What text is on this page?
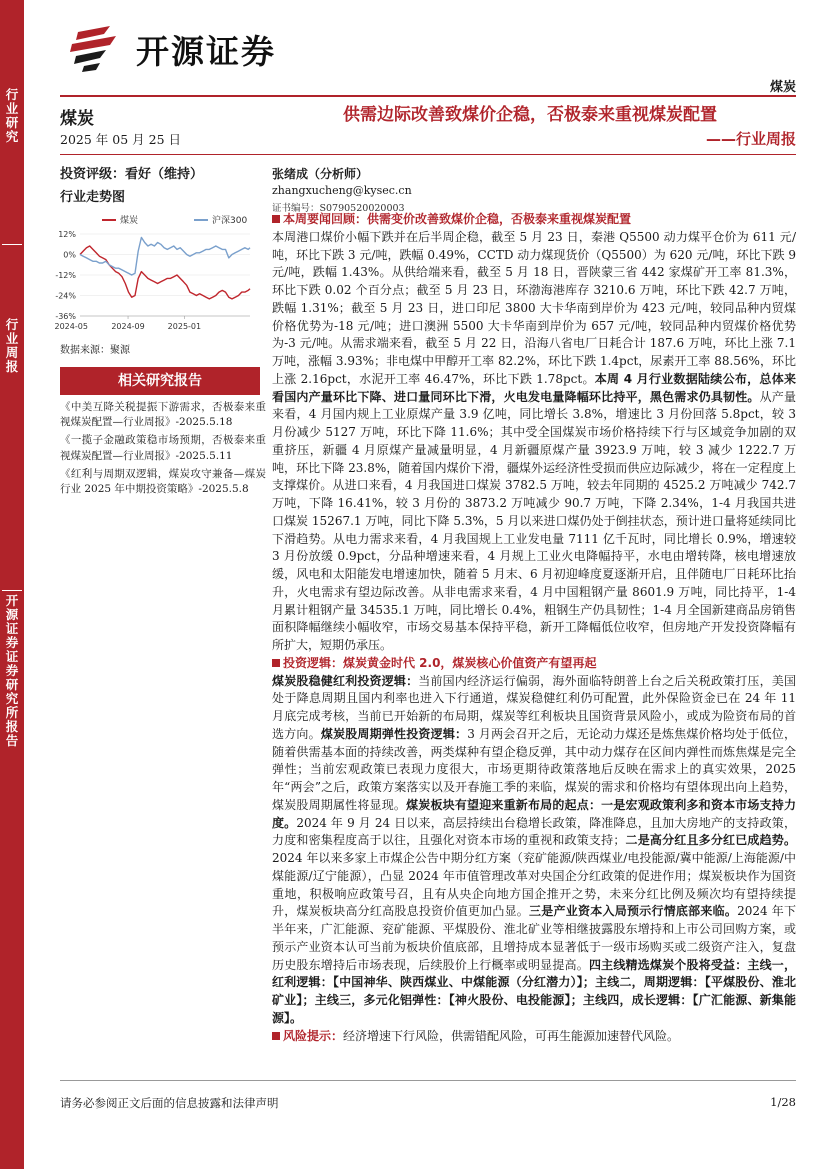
行业研究
行业周报
开源证券证券研究所报告
开源证券
煤炭
煤炭
2025 年 05 月 25 日
供需边际改善致煤价企稳，否极泰来重视煤炭配置
——行业周报
投资评级：看好（维持）
行业走势图
煤炭	沪深300
12%
0%
-12%
-24%
-36%
2024-05	2024-09	2025-01
数据来源：聚源
相关研究报告
《中美互降关税提振下游需求，否极泰来重视煤炭配置—行业周报》-2025.5.18
《一揽子金融政策稳市场预期，否极泰来重视煤炭配置—行业周报》-2025.5.11
《红利与周期双逻辑，煤炭攻守兼备—煤炭行业 2025 年中期投资策略》-2025.5.8
张绪成（分析师）
zhangxucheng@kysec.cn
证书编号：S0790520020003

本周要闻回顾：供需变价改善致煤价企稳，否极泰来重视煤炭配置

本周港口煤价小幅下跌并在后半周企稳，截至 5 月 23 日，秦港 Q5500 动力煤平仓价为 611 元/吨，环比下跌 3 元/吨，跌幅 0.49%，CCTD 动力煤现货价（Q5500）为 620 元/吨，环比下跌 9 元/吨，跌幅 1.43%。从供给端来看，截至 5 月 18 日，晋陕蒙三省 442 家煤矿开工率 81.3%，环比下跌 0.02 个百分点；截至 5 月 23 日，环渤海港库存 3210.6 万吨，环比下跌 42.7 万吨，跌幅 1.31%；截至 5 月 23 日，进口印尼 3800 大卡华南到岸价为 423 元/吨，较同品种内贸煤价格优势为-18 元/吨；进口澳洲 5500 大卡华南到岸价为 657 元/吨，较同品种内贸煤价格优势为-3 元/吨。从需求端来看，截至 5 月 22 日，沿海八省电厂日耗合计 187.6 万吨，环比上涨 7.1 万吨，涨幅 3.93%；非电煤中甲醇开工率 82.2%，环比下跌 1.4pct，尿素开工率 88.56%，环比上涨 2.16pct，水泥开工率 46.47%，环比下跌 1.78pct。本周 4 月行业数据陆续公布，总体来看国内产量环比下降、进口量同环比下滑，火电发电量降幅环比持平，黑色需求仍具韧性。从产量来看，4 月国内规上工业原煤产量 3.9 亿吨，同比增长 3.8%，增速比 3 月份回落 5.8pct，较 3 月份减少 5127 万吨，环比下降 11.6%；其中受全国煤炭市场价格持续下行与区域竞争加剧的双重挤压，新疆 4 月原煤产量减量明显，4 月新疆原煤产量 3923.9 万吨，较 3 减少 1222.7 万吨，环比下降 23.8%，随着国内煤价下滑，疆煤外运经济性受损而供应边际减少，将在一定程度上支撑煤价。从进口来看，4 月我国进口煤炭 3782.5 万吨，较去年同期的 4525.2 万吨减少 742.7 万吨，下降 16.41%，较 3 月份的 3873.2 万吨减少 90.7 万吨，下降 2.34%，1-4 月我国共进口煤炭 15267.1 万吨，同比下降 5.3%，5 月以来进口煤仍处于倒挂状态，预计进口量将延续同比下滑趋势。从电力需求来看，4 月我国规上工业发电量 7111 亿千瓦时，同比增长 0.9%，增速较 3 月份放缓 0.9pct，分品种增速来看，4 月规上工业火电降幅持平，水电由增转降，核电增速放缓，风电和太阳能发电增速加快，随着 5 月末、6 月初迎峰度夏逐渐开启，且伴随电厂日耗环比抬升，火电需求有望边际改善。从非电需求来看，4 月中国粗钢产量 8601.9 万吨，同比持平，1-4 月累计粗钢产量 34535.1 万吨，同比增长 0.4%，粗钢生产仍具韧性；1-4 月全国新建商品房销售面积降幅继续小幅收窄，市场交易基本保持平稳，新开工降幅低位收窄，但房地产开发投资降幅有所扩大，短期仍承压。

投资逻辑：煤炭黄金时代 2.0，煤炭核心价值资产有望再起

煤炭股稳健红利投资逻辑：当前国内经济运行偏弱，海外面临特朗普上台之后关税政策打压，美国处于降息周期且国内利率也进入下行通道，煤炭稳健红利仍可配置，此外保险资金已在 24 年 11 月底完成考核，当前已开始新的布局期，煤炭等红利板块且国资背景风险小，或成为险资布局的首选方向。煤炭股周期弹性投资逻辑：3 月两会召开之后，无论动力煤还是炼焦煤价格均处于低位，随着供需基本面的持续改善，两类煤种有望企稳反弹，其中动力煤存在区间内弹性而炼焦煤是完全弹性；当前宏观政策已表现力度很大，市场更期待政策落地后反映在需求上的真实效果，2025 年“两会”之后，政策方案落实以及开春施工季的来临，煤炭的需求和价格均有望体现出向上趋势，煤炭股周期属性将显现。煤炭板块有望迎来重新布局的起点：一是宏观政策利多和资本市场支持力度。2024 年 9 月 24 日以来，高层持续出台稳增长政策，降准降息，且加大房地产的支持政策，力度和密集程度高于以往，且强化对资本市场的重视和政策支持；二是高分红且多分红已成趋势。2024 年以来多家上市煤企公告中期分红方案（兖矿能源/陕西煤业/电投能源/冀中能源/上海能源/中煤能源/辽宁能源），凸显 2024 年市值管理改革对央国企分红政策的促进作用；煤炭板块作为国资重地，积极响应政策号召，且有从央企向地方国企推开之势，未来分红比例及频次均有望持续提升，煤炭板块高分红高股息投资价值更加凸显。三是产业资本入局预示行情底部来临。2024 年下半年来，广汇能源、兖矿能源、平煤股份、淮北矿业等相继披露股东增持和上市公司回购方案，或预示产业资本认可当前为板块价值底部，且增持成本显著低于一级市场购买或二级资产注入，复盘历史股东增持后市场表现，后续股价上行概率或明显提高。四主线精选煤炭个股将受益：主线一，红利逻辑：【中国神华、陕西煤业、中煤能源（分红潜力）】；主线二，周期逻辑：【平煤股份、淮北矿业】；主线三，多元化铝弹性：【神火股份、电投能源】；主线四，成长逻辑：【广汇能源、新集能源】。

风险提示：经济增速下行风险，供需错配风险，可再生能源加速替代风险。

请务必参阅正文后面的信息披露和法律声明	1/28
